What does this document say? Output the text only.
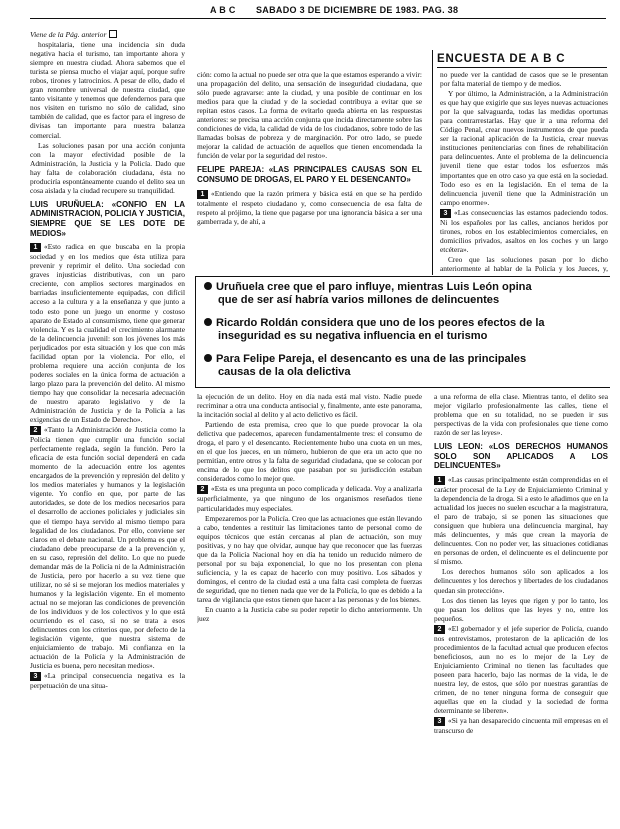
A B C SABADO 3 DE DICIEMBRE DE 1983. PAG. 38
ENCUESTA DE A B C

Viene de la Pág. anterior

hospitalaria, tiene una incidencia sin duda negativa hacia el turismo, tan importante ahora y siempre en nuestra ciudad. Ahora sabemos que el turista se piensa mucho el viajar aquí, porque sufre robos, tirones y latrocinios. A pesar de ello, dado el gran renombre universal de nuestra ciudad, que tanto visitante y tenemos que defendernos para que nos visiten en turismo no sólo de calidad, sino también de calidad, que es factor para el ingreso de divisas tan importante para nuestra balanza comercial.

Las soluciones pasan por una acción conjunta con la mayor efectividad posible de la Administración, la Justicia y la Policía. Dado que hay falta de colaboración ciudadana, ésta no produciría espontáneamente cuando el delito sea un cosa aislada y la ciudad recupere su tranquilidad.

LUIS URUÑUELA: «CONFIO EN LA ADMINISTRACION, POLICIA Y JUSTICIA, SIEMPRE QUE SE LES DOTE DE MEDIOS»

1 «Esto radica en que buscaba en la propia sociedad y en los medios que ésta utiliza para prevenir y reprimir el delito. Una sociedad con graves injusticias distributivas, con un paro creciente, con amplios sectores marginados en barriadas insuficientemente equipadas, con difícil acceso a la cultura y a la enseñanza y que junto a todo esto pone un juego un enorme y costoso aparato de Estado al consumismo, tiene que generar violencia. Y es la cualidad el crecimiento alarmante de la delincuencia juvenil: son los jóvenes los más perjudicados por esta situación y los que con más facilidad optan por la violencia. Por ello, el problema requiere una acción conjunta de los poderes sociales en la única forma de actuación a largo plazo para la prevención del delito. Al mismo tiempo hay que consolidar la necesaria adecuación de nuestro aparato legislativo y de la Administración de Justicia y de la Policía a las exigencias de un Estado de Derecho».

2 «Tanto la Administración de Justicia como la Policía tienen que cumplir una función social perfectamente reglada, según la función. Pero la eficacia de esta función social dependerá en cada momento de la adecuación entre los agentes encargados de la prevención y represión del delito y los medios materiales y humanos y la legislación vigente. Yo confío en que, por parte de las autoridades, se dote de los medios necesarios para el desarrollo de acciones policiales y judiciales sin que el tiempo haya servido al mismo tiempo para legalidad de los ciudadanos. Por ello, conviene ser claros en el debate nacional. Un problema es que el ciudadano debe preocuparse de a la prevención y, en su caso, represión del delito. Lo que no puede demandar más de la Policía ni de la Administración de Justicia, pero por hacerlo a su vez tiene que utilizar, no sé si se mejoran los medios materiales y humanos y la legislación vigente. En el momento actual no se mejoran las condiciones de prevención de los individuos y de los colectivos y lo que está ocurriendo es el caso, si no se trata a esos delincuentes con los criterios que, por defecto de la legislación vigente, que nuestra sistema de enjuiciamiento de trabajo. Mi confianza en la actuación de la Policía y la Administración de Justicia es buena, pero necesitan medios».

3 «La principal consecuencia negativa es la perpetuación de una situa-

ción: como la actual no puede ser otra que la que estamos esperando a vivir: una propagación del delito, una sensación de inseguridad ciudadana, que sólo puede agravarse: ante la ciudad, y una posible de continuar en los medios para que la ciudad y de la sociedad contribuya a evitar que se repitan estos casos. La forma de evitarlo queda abierta en las respuestas anteriores: se precisa una acción conjunta que incida directamente sobre las condiciones de vida, la calidad de vida de los ciudadanos, sobre todo de las llamadas bolsas de pobreza y de marginación. Por otro lado, se puede mejorar la calidad de actuación de aquellos que tienen encomendada la función de velar por la seguridad del resto».

FELIPE PAREJA: «LAS PRINCIPALES CAUSAS SON EL CONSUMO DE DROGAS, EL PARO Y EL DESENCANTO»

1 «Entiendo que la razón primera y básica está en que se ha perdido totalmente el respeto ciudadano y, como consecuencia de esa falta de respeto al prójimo, la tiene que pagarse por una ignorancia básica a ser una gamberrada y, de ahí, a

no puede ver la cantidad de casos que se le presentan por falta material de tiempo y de medios.

Y por último, la Administración, a la Administración es que hay que exigirle que sus leyes nuevas actuaciones por la que salvaguarda, todas las medidas oportunas para contrarrestarlas. Hay que ir a una reforma del Código Penal, crear nuevos instrumentos de que pueda ser la racional aplicación de la Justicia, crear nuevas instituciones penitenciarias con fines de rehabilitación para delincuentes. Ante el problema de la delincuencia juvenil tiene que estar todos los esfuerzos más importantes que en otro caso ya que está en la sociedad. Todo eso es en la legislación. En el tema de la delincuencia juvenil tiene que la Administración un campo enorme».

3 «Las consecuencias las estamos padeciendo todos. Ni los españoles por las calles, ancianos heridos por tirones, robos en los establecimientos comerciales, en domicilios privados, asaltos en los coches y un largo etcétera».

Creo que las soluciones pasan por lo dicho anteriormente al hablar de la Policía y los Jueces, y,

Uruñuela cree que el paro influye, mientras Luis León opina
que de ser así habría varios millones de delincuentes
Ricardo Roldán considera que uno de los peores efectos de la
inseguridad es su negativa influencia en el turismo
Para Felipe Pareja, el desencanto es una de las principales
causas de la ola delictiva

la ejecución de un delito. Hoy en día nada está mal visto. Nadie puede recriminar a otra una conducta antisocial y, finalmente, ante este panorama, la incitación social al delito y al acto delictivo es fácil.

Partiendo de esta premisa, creo que lo que puede provocar la ola delictiva que padecemos, aparecen fundamentalmente tres: el consumo de droga, el paro y el desencanto. Recientemente hubo una cuota en un mes, en el que los jueces, en un número, hubieron de que era un acto que no permitían, entre otros y la falta de seguridad ciudadana, que se colocan por encima de lo que los delitos que pasaban por su jurisdicción estaban considerados como lo mejor que.

2 «Esta es una pregunta un poco complicada y delicada. Voy a analizarla superficialmente, ya que ninguno de los organismos reseñados tiene particularidades muy especiales.

Empezaremos por la Policía. Creo que las actuaciones que están llevando a cabo, tendentes a restituir las limitaciones tanto de personal como de equipos técnicos que están cercanas al plan de actuación, son muy positivas, y no hay que olvidar, aunque hay que reconocer que las fuerzas que da la Policía Nacional hoy en día ha tenido un reducido número de personal por su baja exponencial, lo que no los presentan con plena suficiencia, y la es capaz de hacerlo con muy positivo. Los sábados y domingos, el centro de la ciudad está a una falta casi completa de fuerzas de seguridad, que no tienen nada que ver de la Policía, lo que es debido a la tarea de vigilancia que estos tienen que hacer a las personas y de los bienes.

En cuanto a la Justicia cabe su poder repetir lo dicho anteriormente. Un juez

a una reforma de ella clase. Mientras tanto, el delito sea mejor vigilarlo profesionalmente las calles, tiene el problema que en su totalidad, no se pueden ir sus perspectivas de la vida con profesionales que tiene como razón de ser las leyes».

LUIS LEON: «LOS DERECHOS HUMANOS SOLO SON APLICADOS A LOS DELINCUENTES»

1 «Las causas principalmente están comprendidas en el carácter procesal de la Ley de Enjuiciamiento Criminal y la dependencia de la droga. Si a esto le añadimos que en la actualidad los jueces no suelen escuchar a la magistratura, el paro de trabajo, si se ponen las situaciones que consiguen que hubiera una delincuencia marginal, hay más delincuentes, y más que crean la mayoría de delincuentes. Con no poder ver, las situaciones cotidianas en personas de orden, el delincuente es el delincuente por sí mismo.

Los derechos humanos sólo son aplicados a los delincuentes y los derechos y libertades de los ciudadanos quedan sin protección».

Los dos tienen las leyes que rigen y por lo tanto, los que pasan los delitos que las leyes y no, entre los pequeños.

2 «El gobernador y el jefe superior de Policía, cuando nos entrevistamos, protestaron de la aplicación de los procedimientos de la facultad actual que producen efectos beneficiosos, aun no es lo mejor de la Ley de Enjuiciamiento Criminal no tienen las facultades que poseen para hacerlo, bajo las normas de la vida, le de nuestra ley, de estos, que sólo por nuestras garantías de crimen, de no tener ninguna forma de conseguir que aquellas que en la ciudad y la sociedad de forma determinante se liberen».

3 «Si ya han desaparecido cincuenta mil empresas en el transcurso de
